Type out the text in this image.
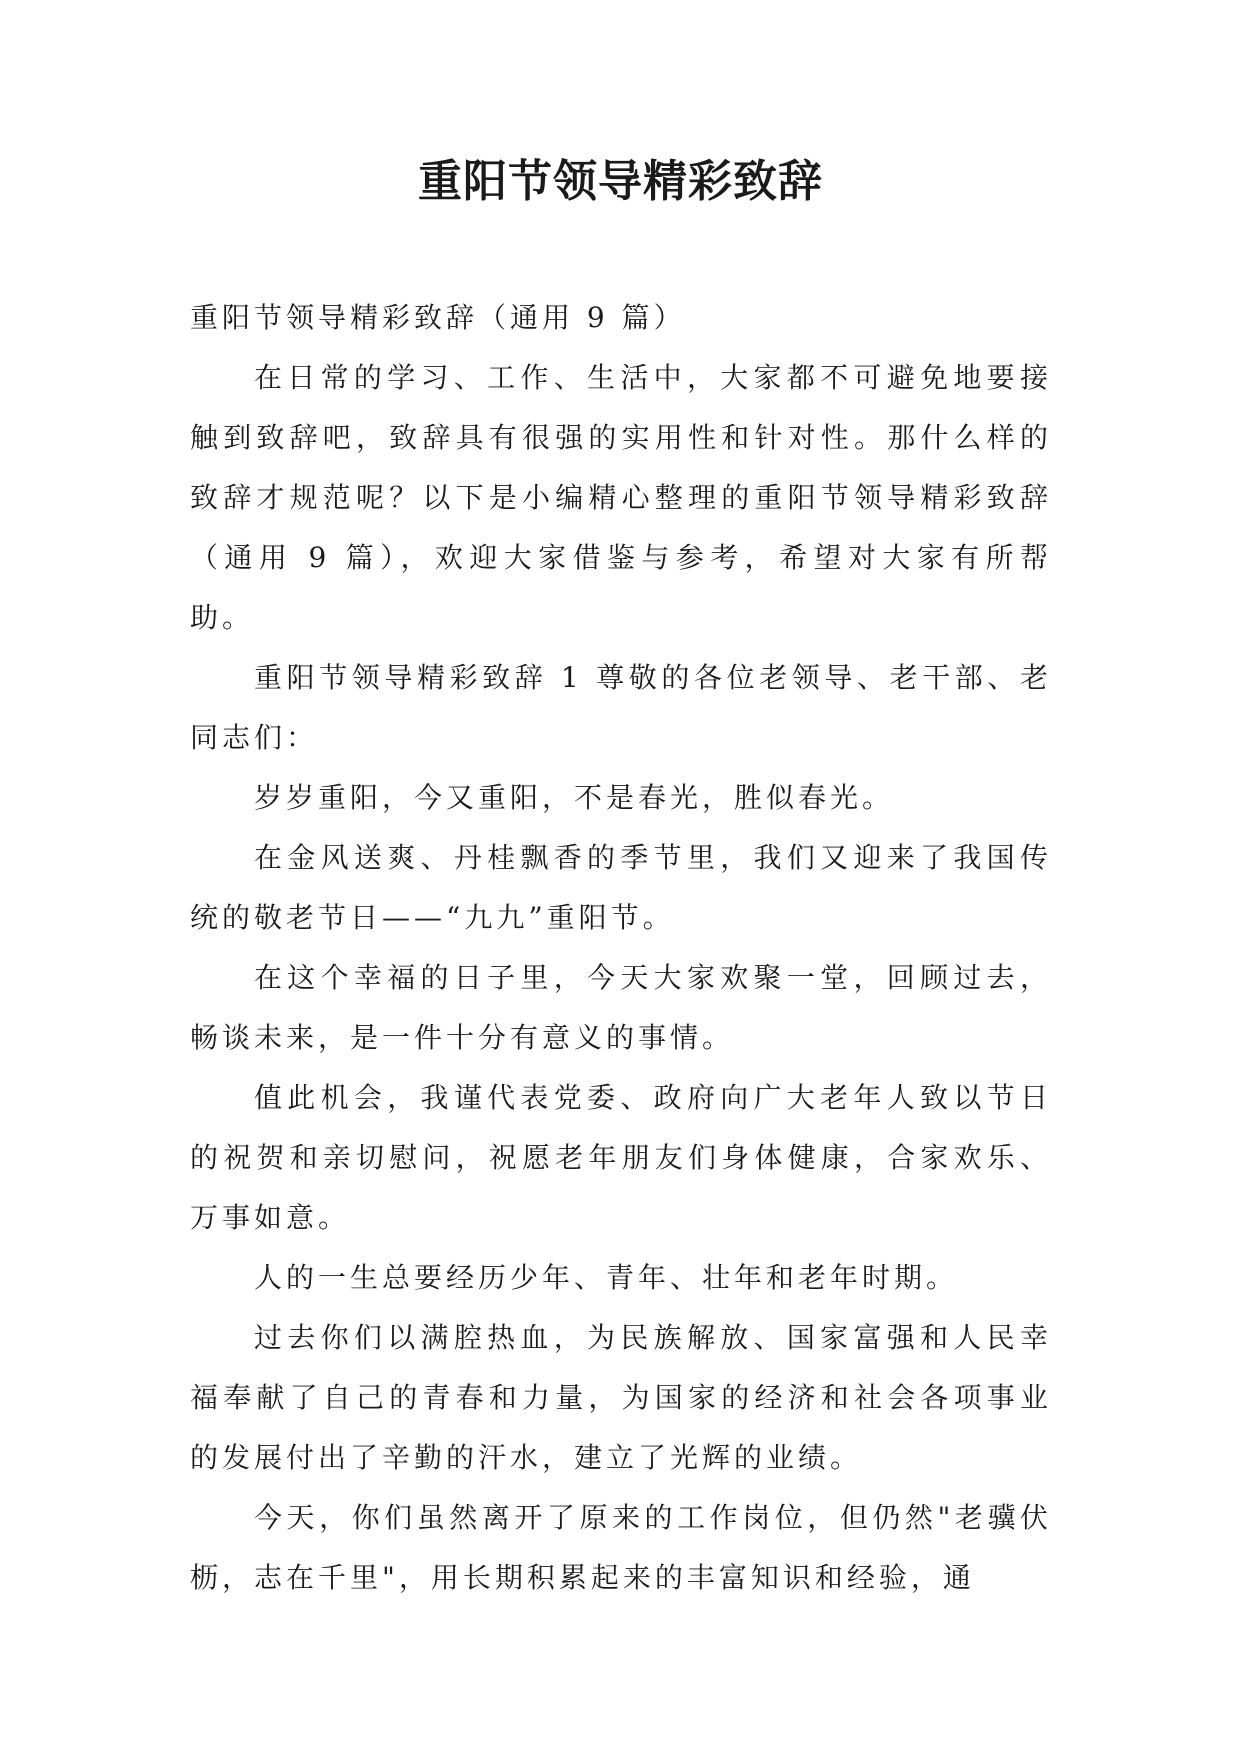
重阳节领导精彩致辞

重阳节领导精彩致辞（通用 9 篇）

在日常的学习、工作、生活中，大家都不可避免地要接触到致辞吧，致辞具有很强的实用性和针对性。那什么样的致辞才规范呢？以下是小编精心整理的重阳节领导精彩致辞（通用 9 篇），欢迎大家借鉴与参考，希望对大家有所帮助。

重阳节领导精彩致辞 1 尊敬的各位老领导、老干部、老同志们：

岁岁重阳，今又重阳，不是春光，胜似春光。

在金风送爽、丹桂飘香的季节里，我们又迎来了我国传统的敬老节日——“九九”重阳节。

在这个幸福的日子里，今天大家欢聚一堂，回顾过去，畅谈未来，是一件十分有意义的事情。

值此机会，我谨代表党委、政府向广大老年人致以节日的祝贺和亲切慰问，祝愿老年朋友们身体健康，合家欢乐、万事如意。

人的一生总要经历少年、青年、壮年和老年时期。

过去你们以满腔热血，为民族解放、国家富强和人民幸福奉献了自己的青春和力量，为国家的经济和社会各项事业的发展付出了辛勤的汗水，建立了光辉的业绩。

今天，你们虽然离开了原来的工作岗位，但仍然"老骥伏枥，志在千里"，用长期积累起来的丰富知识和经验，通
